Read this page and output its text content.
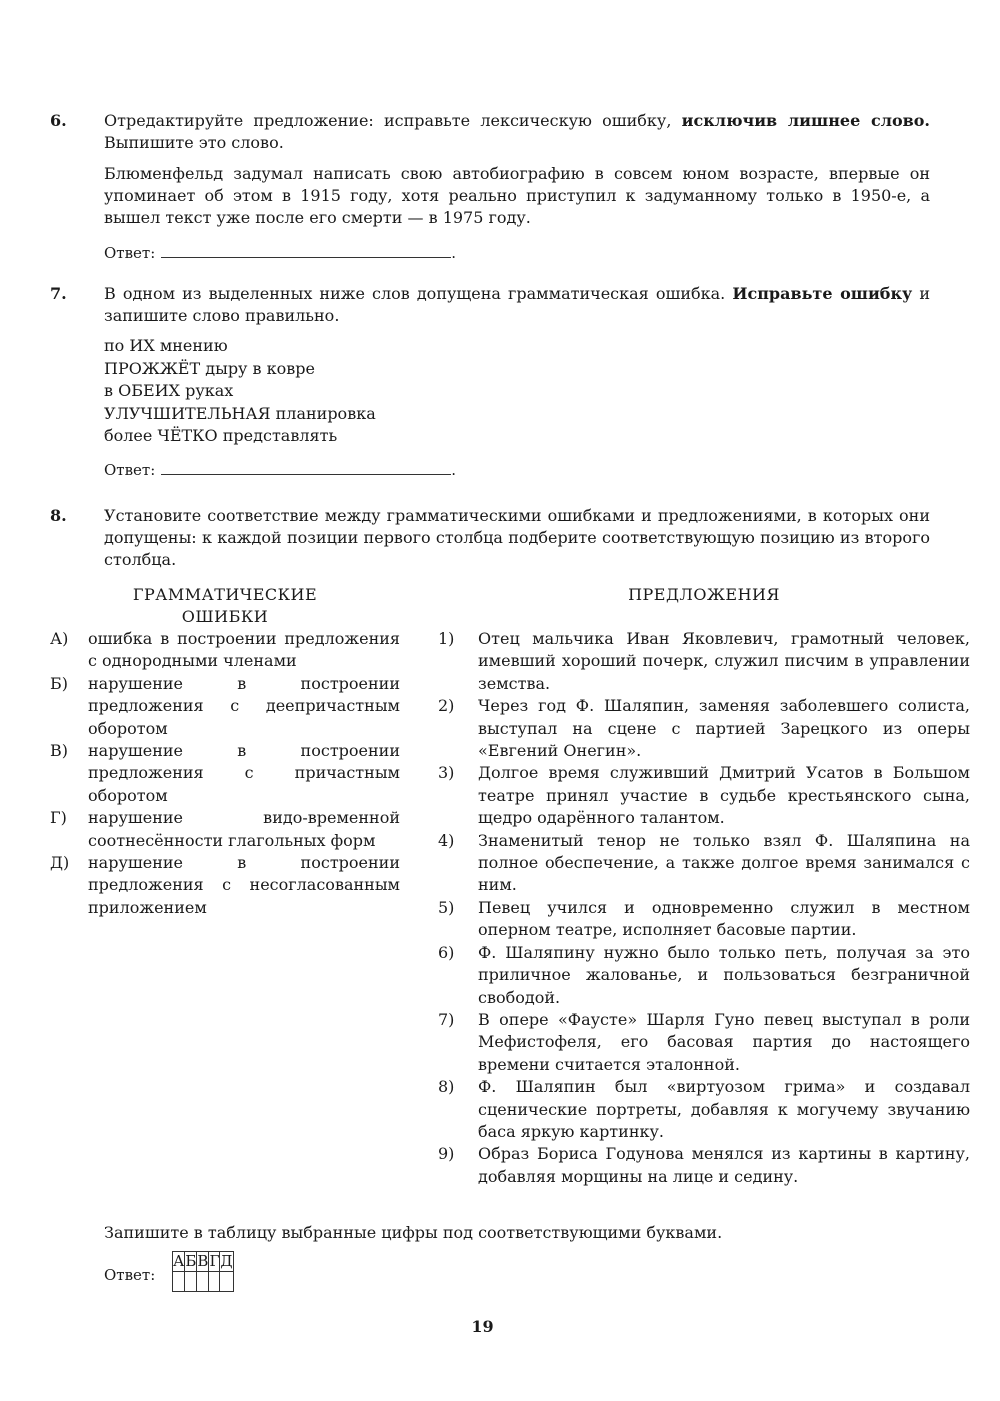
6.	Отредактируйте предложение: исправьте лексическую ошибку, исключив лишнее слово. Выпишите это слово.

Блюменфельд задумал написать свою автобиографию в совсем юном возрасте, впервые он упоминает об этом в 1915 году, хотя реально приступил к задуманному только в 1950-е, а вышел текст уже после его смерти — в 1975 году.

Ответ:	.
7.	В одном из выделенных ниже слов допущена грамматическая ошибка. Исправьте ошибку и запишите слово правильно.

по ИХ мнению
ПРОЖЖЁТ дыру в ковре
в ОБЕИХ руках
УЛУЧШИТЕЛЬНАЯ планировка
более ЧЁТКО представлять
Ответ:	.
8.	Установите соответствие между грамматическими ошибками и предложениями, в которых они допущены: к каждой позиции первого столбца подберите соответствующую позицию из второго столбца.

ГРАММАТИЧЕСКИЕ
ОШИБКИ
А) ошибка в построении предложения с однородными членами
Б) нарушение в построении предложения с деепричастным оборотом
В) нарушение в построении предложения с причастным оборотом
Г) нарушение видо-временной соотнесённости глагольных форм
Д) нарушение в построении предложения с несогласованным приложением
ПРЕДЛОЖЕНИЯ
1) Отец мальчика Иван Яковлевич, грамотный человек, имевший хороший почерк, служил писчим в управлении земства.
2) Через год Ф. Шаляпин, заменяя заболевшего солиста, выступал на сцене с партией Зарецкого из оперы «Евгений Онегин».
3) Долгое время служивший Дмитрий Усатов в Большом театре принял участие в судьбе крестьянского сына, щедро одарённого талантом.
4) Знаменитый тенор не только взял Ф. Шаляпина на полное обеспечение, а также долгое время занимался с ним.
5) Певец учился и одновременно служил в местном оперном театре, исполняет басовые партии.
6) Ф. Шаляпину нужно было только петь, получая за это приличное жалованье, и пользоваться безграничной свободой.
7) В опере «Фаусте» Шарля Гуно певец выступал в роли Мефистофеля, его басовая партия до настоящего времени считается эталонной.
8) Ф. Шаляпин был «виртуозом грима» и создавал сценические портреты, добавляя к могучему звучанию баса яркую картинку.
9) Образ Бориса Годунова менялся из картины в картину, добавляя морщины на лице и седину.
Запишите в таблицу выбранные цифры под соответствующими буквами.
Ответ:
А	Б	В	Г	Д

19
